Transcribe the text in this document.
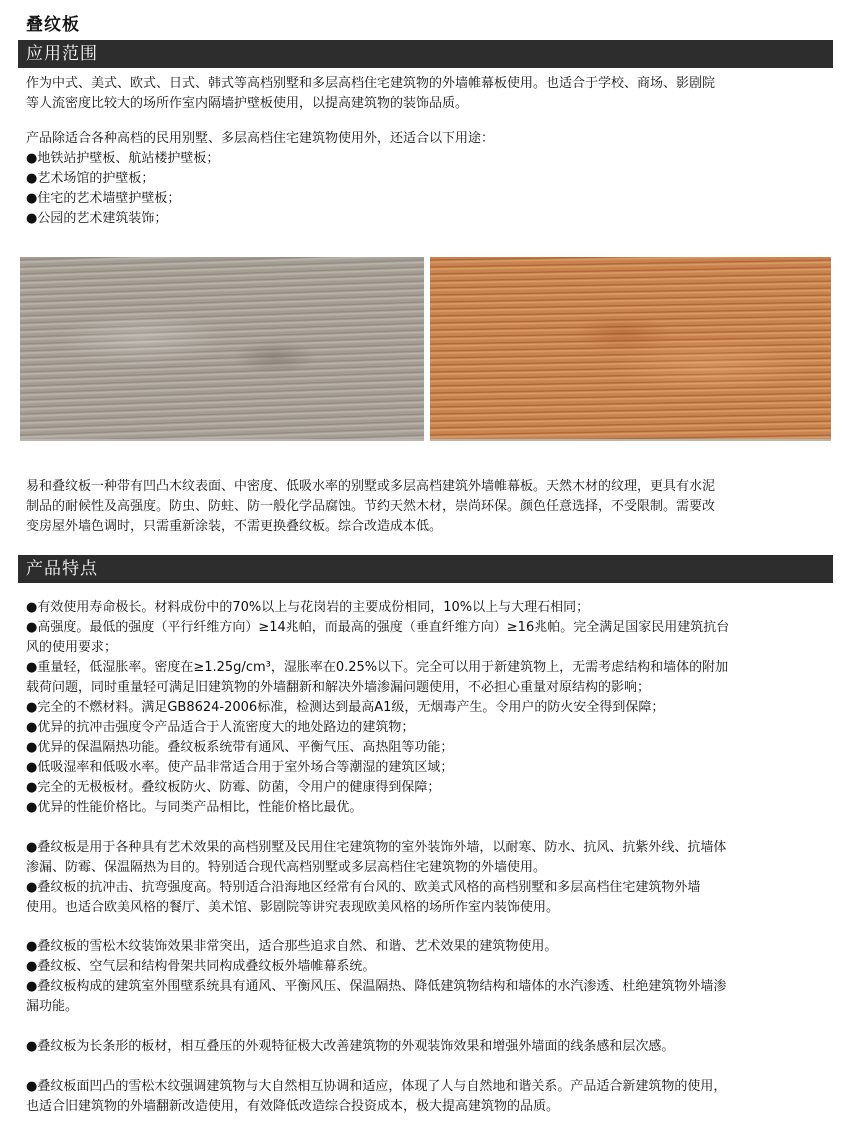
叠纹板
应用范围
作为中式、美式、欧式、日式、韩式等高档别墅和多层高档住宅建筑物的外墙帷幕板使用。也适合于学校、商场、影剧院
等人流密度比较大的场所作室内隔墙护壁板使用，以提高建筑物的装饰品质。
产品除适合各种高档的民用别墅、多层高档住宅建筑物使用外，还适合以下用途：
●地铁站护壁板、航站楼护壁板；
●艺术场馆的护壁板；
●住宅的艺术墙壁护壁板；
●公园的艺术建筑装饰；
易和叠纹板一种带有凹凸木纹表面、中密度、低吸水率的别墅或多层高档建筑外墙帷幕板。天然木材的纹理，更具有水泥
制品的耐候性及高强度。防虫、防蛀、防一般化学品腐蚀。节约天然木材，崇尚环保。颜色任意选择，不受限制。需要改
变房屋外墙色调时，只需重新涂装，不需更换叠纹板。综合改造成本低。
产品特点
●有效使用寿命极长。材料成份中的70%以上与花岗岩的主要成份相同，10%以上与大理石相同；
●高强度。最低的强度（平行纤维方向）≥14兆帕，而最高的强度（垂直纤维方向）≥16兆帕。完全满足国家民用建筑抗台
风的使用要求；
●重量轻，低湿胀率。密度在≥1.25g/cm³，湿胀率在0.25%以下。完全可以用于新建筑物上，无需考虑结构和墙体的附加
载荷问题，同时重量轻可满足旧建筑物的外墙翻新和解决外墙渗漏问题使用，不必担心重量对原结构的影响；
●完全的不燃材料。满足GB8624-2006标准，检测达到最高A1级，无烟毒产生。令用户的防火安全得到保障；
●优异的抗冲击强度令产品适合于人流密度大的地处路边的建筑物；
●优异的保温隔热功能。叠纹板系统带有通风、平衡气压、高热阻等功能；
●低吸湿率和低吸水率。使产品非常适合用于室外场合等潮湿的建筑区域；
●完全的无极板材。叠纹板防火、防霉、防菌，令用户的健康得到保障；
●优异的性能价格比。与同类产品相比，性能价格比最优。
●叠纹板是用于各种具有艺术效果的高档别墅及民用住宅建筑物的室外装饰外墙，以耐寒、防水、抗风、抗紫外线、抗墙体
渗漏、防霉、保温隔热为目的。特别适合现代高档别墅或多层高档住宅建筑物的外墙使用。
●叠纹板的抗冲击、抗弯强度高。特别适合沿海地区经常有台风的、欧美式风格的高档别墅和多层高档住宅建筑物外墙
使用。也适合欧美风格的餐厅、美术馆、影剧院等讲究表现欧美风格的场所作室内装饰使用。
●叠纹板的雪松木纹装饰效果非常突出，适合那些追求自然、和谐、艺术效果的建筑物使用。
●叠纹板、空气层和结构骨架共同构成叠纹板外墙帷幕系统。
●叠纹板构成的建筑室外围壁系统具有通风、平衡风压、保温隔热、降低建筑物结构和墙体的水汽渗透、杜绝建筑物外墙渗
漏功能。
●叠纹板为长条形的板材，相互叠压的外观特征极大改善建筑物的外观装饰效果和增强外墙面的线条感和层次感。
●叠纹板面凹凸的雪松木纹强调建筑物与大自然相互协调和适应，体现了人与自然地和谐关系。产品适合新建筑物的使用，
也适合旧建筑物的外墙翻新改造使用，有效降低改造综合投资成本，极大提高建筑物的品质。
